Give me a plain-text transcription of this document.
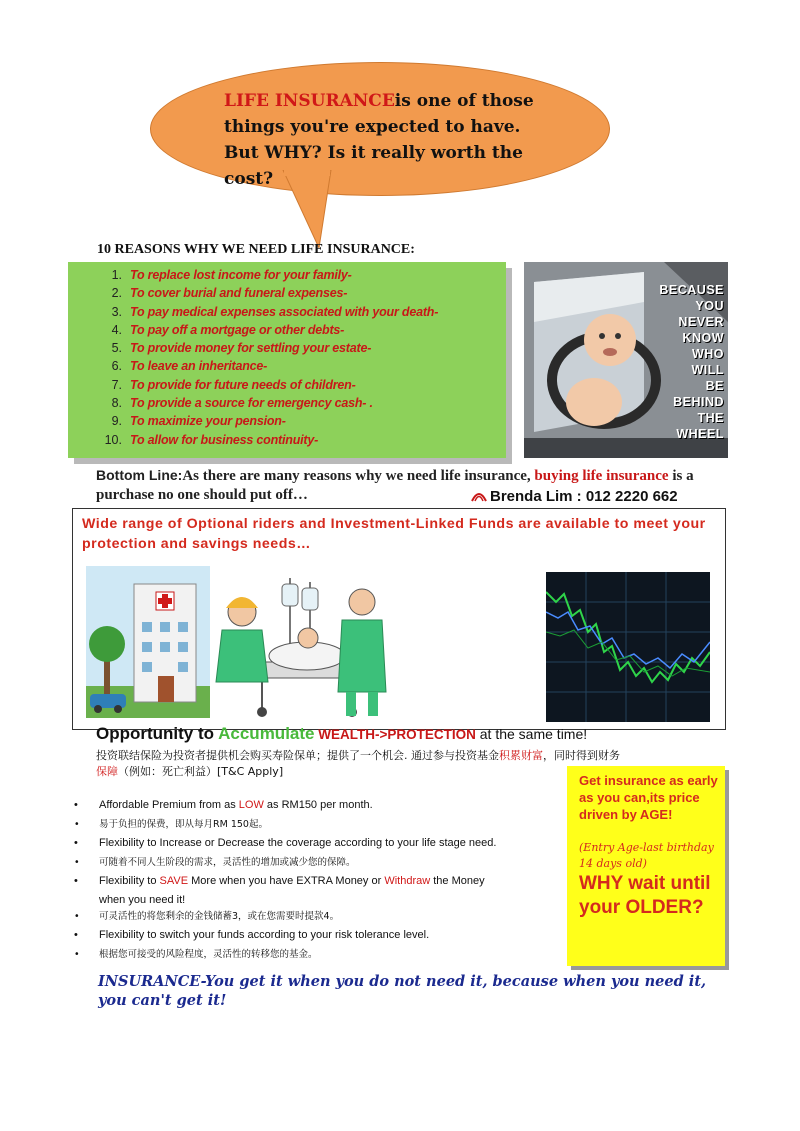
LIFE INSURANCEis one of those things you're expected to have. But WHY? Is it really worth the cost?
10 REASONS WHY WE NEED LIFE INSURANCE:
1. To replace lost income for your family-
2. To cover burial and funeral expenses-
3. To pay medical expenses associated with your death-
4. To pay off a mortgage or other debts-
5. To provide money for settling your estate-
6. To leave an inheritance-
7. To provide for future needs of children-
8. To provide a source for emergency cash- .
9. To maximize your pension-
10. To allow for business continuity-
BECAUSE
YOU
NEVER
KNOW
WHO
WILL
BE
BEHIND
THE
WHEEL
Bottom Line:As there are many reasons why we need life insurance, buying life insurance is a purchase no one should put off…	Brenda Lim : 012 2220 662
Wide range of Optional riders and Investment-Linked Funds are available to meet your protection and savings needs…
Opportunity to Accumulate WEALTH->PROTECTION at the same time!
投资联结保险为投资者提供机会购买寿险保单；提供了一个机会. 通过参与投资基金积累财富，同时得到财务保障（例如：死亡利益）[T&C Apply]
Get insurance as early as you can,its price driven by AGE!
(Entry Age-last birthday 14 days old)
WHY wait until your OLDER?
• Affordable Premium from as LOW as RM150 per month.
• 易于负担的保费，即从每月RM 150起。
• Flexibility to Increase or Decrease the coverage according to your life stage need.
• 可随着不同人生阶段的需求，灵活性的增加或减少您的保障。
• Flexibility to SAVE More when you have EXTRA Money or Withdraw the Money
when you need it!
• 可灵活性的将您剩余的金钱储蓄3，或在您需要时提款4。
• Flexibility to switch your funds according to your risk tolerance level.
• 根据您可接受的风险程度，灵活性的转移您的基金。
INSURANCE-You get it when you do not need it, because when you need it, you can't get it!
